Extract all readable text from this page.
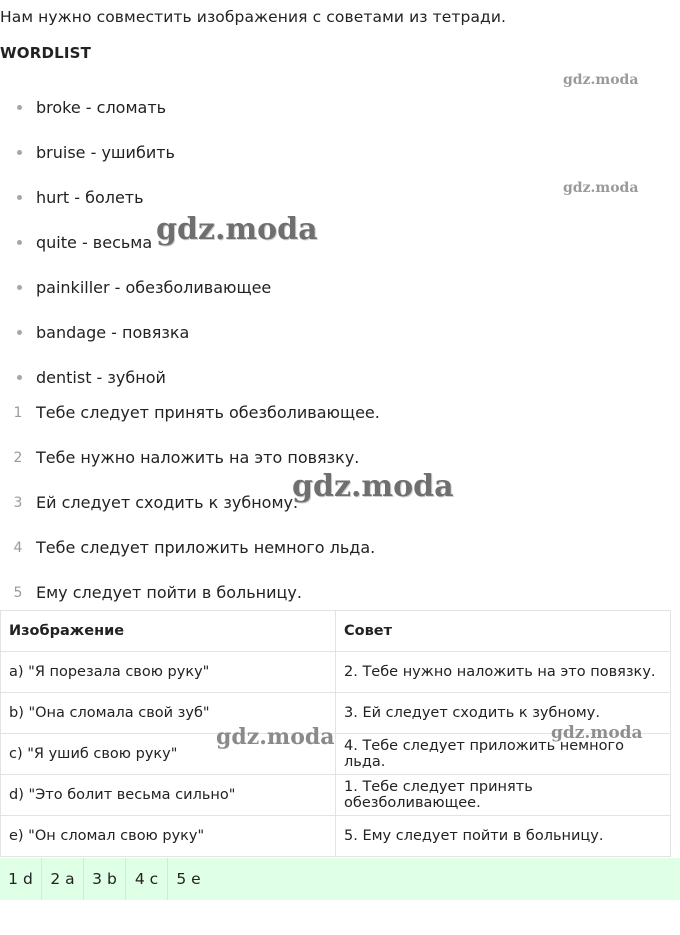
Нам нужно совместить изображения с советами из тетради.
WORDLIST
broke - сломать
bruise - ушибить
hurt - болеть
quite - весьма
painkiller - обезболивающее
bandage - повязка
dentist - зубной
1 Тебе следует принять обезболивающее.
2 Тебе нужно наложить на это повязку.
3 Ей следует сходить к зубному.
4 Тебе следует приложить немного льда.
5 Ему следует пойти в больницу.
Изображение	Совет
a) "Я порезала свою руку"	2. Тебе нужно наложить на это повязку.
b) "Она сломала свой зуб"	3. Ей следует сходить к зубному.
c) "Я ушиб свою руку"	4. Тебе следует приложить немного льда.
d) "Это болит весьма сильно"	1. Тебе следует принять обезболивающее.
e) "Он сломал свою руку"	5. Ему следует пойти в больницу.
1 d	2 a	3 b	4 c	5 e
gdz.moda
gdz.moda
gdz.moda
gdz.moda
gdz.moda	gdz.moda
